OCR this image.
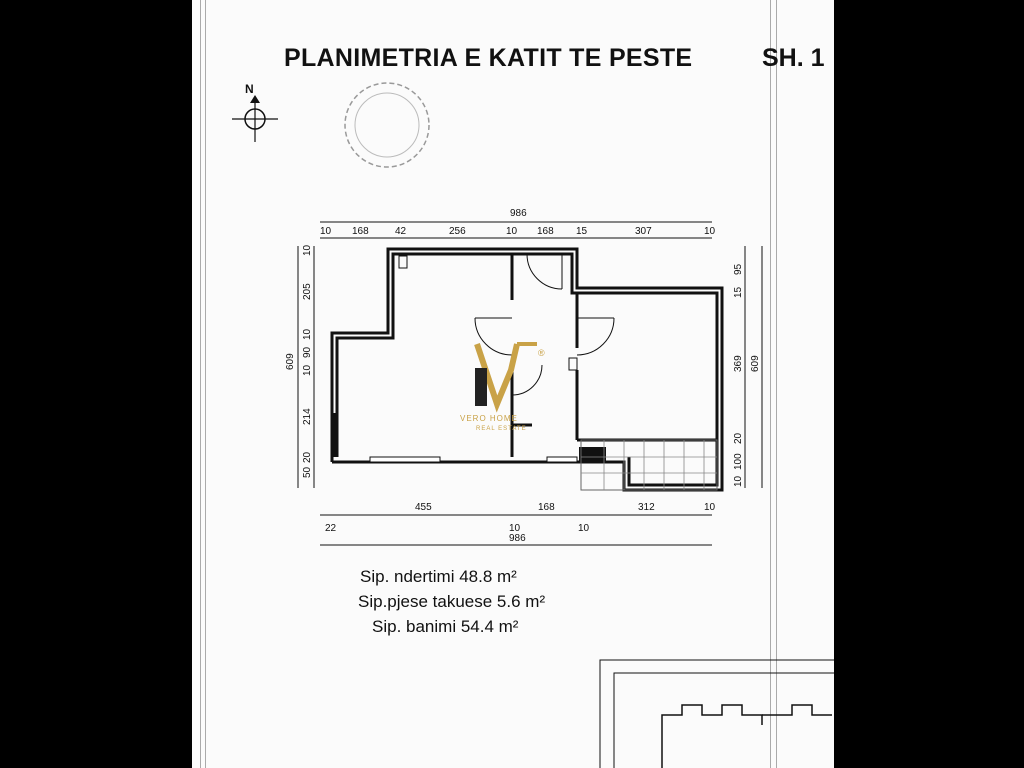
PLANIMETRIA E KATIT TE PESTE	SH. 1
N
986
10 168	42	256	10 168 15	307	10
609
10
205
10
90
10
214
20
50
95
15
369
20
100
10
609
22
455
10
168
10
312	10
986
VERO HOME
REAL ESTATE
®
Sip. ndertimi 48.8 m²
Sip.pjese takuese 5.6 m²
Sip. banimi 54.4 m²
